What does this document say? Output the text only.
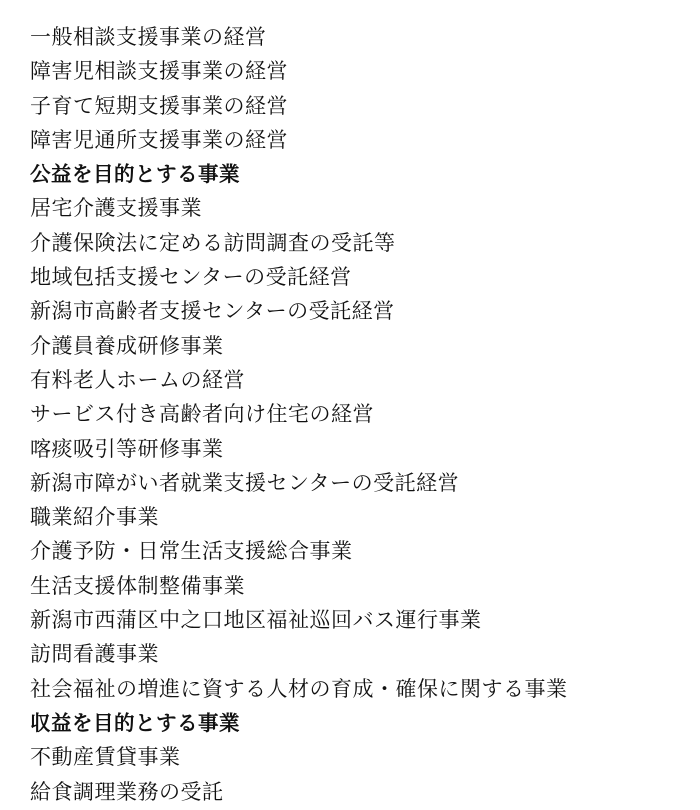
一般相談支援事業の経営
障害児相談支援事業の経営
子育て短期支援事業の経営
障害児通所支援事業の経営
公益を目的とする事業
居宅介護支援事業
介護保険法に定める訪問調査の受託等
地域包括支援センターの受託経営
新潟市高齢者支援センターの受託経営
介護員養成研修事業
有料老人ホームの経営
サービス付き高齢者向け住宅の経営
喀痰吸引等研修事業
新潟市障がい者就業支援センターの受託経営
職業紹介事業
介護予防・日常生活支援総合事業
生活支援体制整備事業
新潟市西蒲区中之口地区福祉巡回バス運行事業
訪問看護事業
社会福祉の増進に資する人材の育成・確保に関する事業
収益を目的とする事業
不動産賃貸事業
給食調理業務の受託
